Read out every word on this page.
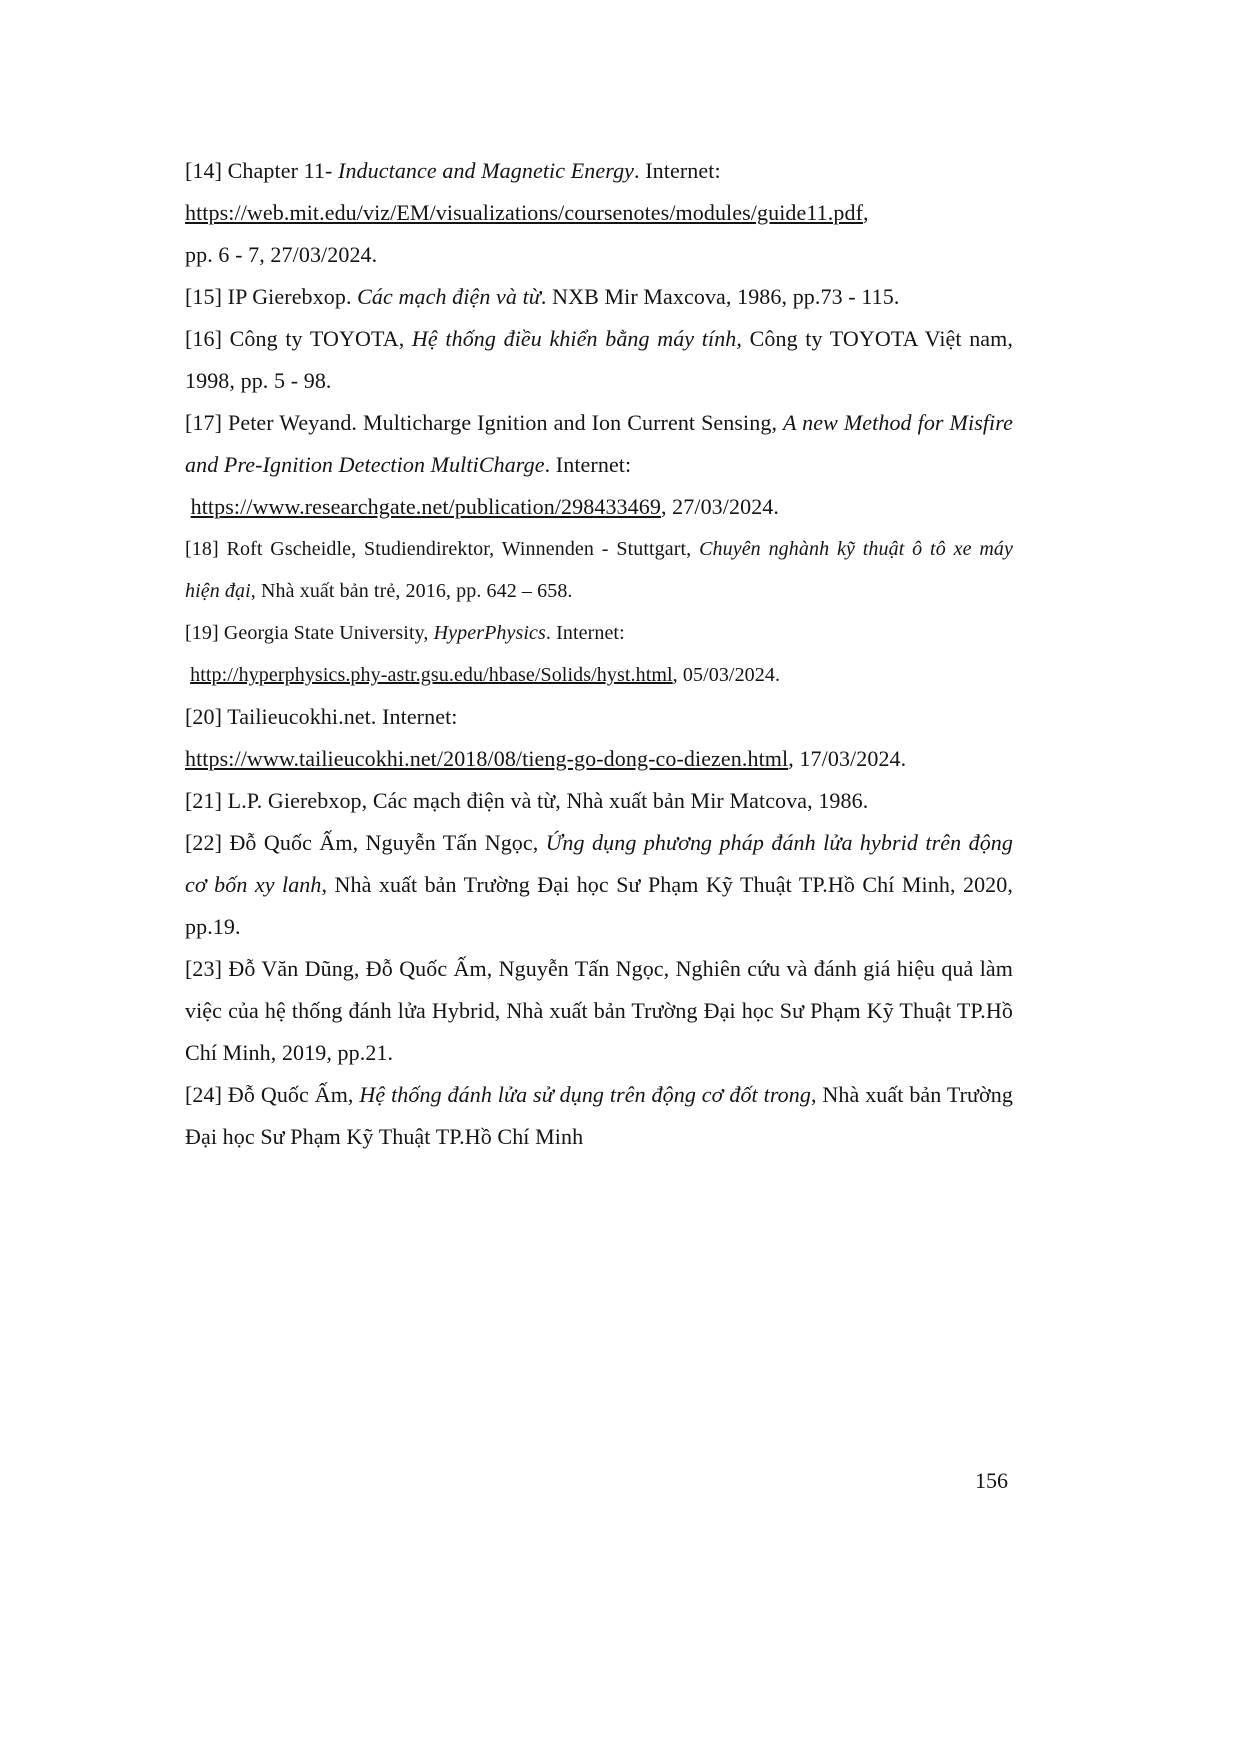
[14] Chapter 11- Inductance and Magnetic Energy. Internet:
https://web.mit.edu/viz/EM/visualizations/coursenotes/modules/guide11.pdf,
pp. 6 - 7, 27/03/2024.

[15] IP Gierebxop. Các mạch điện và từ. NXB Mir Maxcova, 1986, pp.73 - 115.

[16] Công ty TOYOTA, Hệ thống điều khiển bằng máy tính, Công ty TOYOTA Việt nam, 1998, pp. 5 - 98.

[17] Peter Weyand. Multicharge Ignition and Ion Current Sensing, A new Method for Misfire and Pre-Ignition Detection MultiCharge. Internet:
https://www.researchgate.net/publication/298433469, 27/03/2024.

[18] Roft Gscheidle, Studiendirektor, Winnenden - Stuttgart, Chuyên nghành kỹ thuật ô tô xe máy hiện đại, Nhà xuất bản trẻ, 2016, pp. 642 – 658.

[19] Georgia State University, HyperPhysics. Internet:
http://hyperphysics.phy-astr.gsu.edu/hbase/Solids/hyst.html, 05/03/2024.

[20] Tailieucokhi.net. Internet:
https://www.tailieucokhi.net/2018/08/tieng-go-dong-co-diezen.html, 17/03/2024.

[21] L.P. Gierebxop, Các mạch điện và từ, Nhà xuất bản Mir Matcova, 1986.

[22] Đỗ Quốc Ấm, Nguyễn Tấn Ngọc, Ứng dụng phương pháp đánh lửa hybrid trên động cơ bốn xy lanh, Nhà xuất bản Trường Đại học Sư Phạm Kỹ Thuật TP.Hồ Chí Minh, 2020, pp.19.

[23] Đỗ Văn Dũng, Đỗ Quốc Ấm, Nguyễn Tấn Ngọc, Nghiên cứu và đánh giá hiệu quả làm việc của hệ thống đánh lửa Hybrid, Nhà xuất bản Trường Đại học Sư Phạm Kỹ Thuật TP.Hồ Chí Minh, 2019, pp.21.

[24] Đỗ Quốc Ấm, Hệ thống đánh lửa sử dụng trên động cơ đốt trong, Nhà xuất bản Trường Đại học Sư Phạm Kỹ Thuật TP.Hồ Chí Minh

156
